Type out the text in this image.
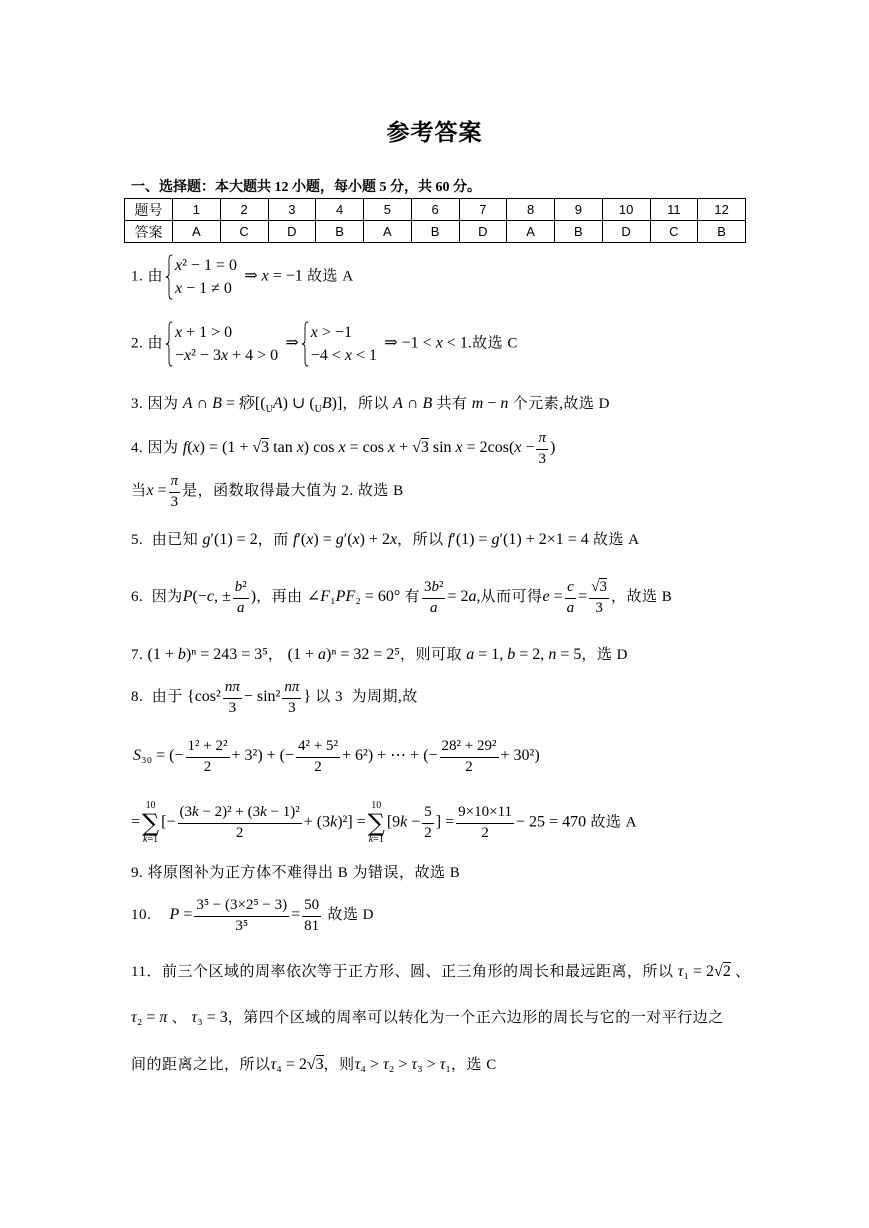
参考答案
一、选择题：本大题共 12 小题，每小题 5 分，共 60 分。
题号	1	2	3	4	5	6	7	8	9	10	11	12
答案	A	C	D	B	A	B	D	A	B	D	C	B
1. 由
x² − 1 = 0
x − 1 ≠ 0
⇒ x = −1 故选 A
2. 由
x + 1 > 0
−x² − 3x + 4 > 0
⇒
x > −1
−4 < x < 1
⇒ −1 < x < 1.故选 C
3. 因为 A ∩ B = 痧[$(_UA)$ ∪ $(_UB)$]，所以 A ∩ B 共有 m − n 个元素,故选 D
4. 因为 f(x) = (1 + √3 tan x) cos x = cos x + √3 $\sin x = 2\cos(x - \frac{\pi}{3}$ )
当$x = \frac{\pi}{3}$ 是，函数取得最大值为 2. 故选 B
5.  由已知 g′(1) = 2，而 f′(x) = g′(x) + 2x，所以 f′(1) = g′(1) + 2×1 = 4 故选 A
6.  因为P(−c, ± $\frac{\text{b²}}{a}$ )，再由 ∠F₁PF₂ = 60° 有 $\frac{\text{3b²}}{a} = 2a$,从而可得$e = \frac{c}{a} = \frac{√3}{3}$ ，故选 B
7. (1 + b)ⁿ = 243 = 3⁵， (1 + a)ⁿ = 32 = 2⁵，则可取 a = 1, b = 2, n = 5，选 D
8.  由于 {$\cos^2 \frac{n\pi}{3} - \sin^2 \frac{n\pi}{3}$ } 以 3  为周期,故
S₃₀ = (− $\frac{\text{1² + 2²}}{2} + 3^2$) + (− $\frac{\text{4² + 5²}}{2} + 6^2$) + ⋯ + (− $\frac{\text{28² + 29²}}{2} + 30^2$)
=
10
∑
k=1
[− $\frac{\text{(3k − 2)² + (3k − 1)²}}{2} + (3k)^2$] =
10
∑
k=1
[$9k - \frac{5}{2}$ ] = $\frac{9\times 10\times 11}{2} - 25 = 470$ 故选 A
9. 将原图补为正方体不难得出 B 为错误，故选 B
10. $P = \frac{\text{3⁵ − (3×2⁵ − 3)}}{\text{3⁵}} = \frac{50}{81}$ 故选 D
11．前三个区域的周率依次等于正方形、圆、正三角形的周长和最远距离，所以 τ₁ = 2√2 、
τ₂ = π 、 τ₃ = 3，第四个区域的周率可以转化为一个正六边形的周长与它的一对平行边之
间的距离之比，所以τ₄ = 2√3，则τ₄ > τ₂ > τ₃ > τ₁，选 C
